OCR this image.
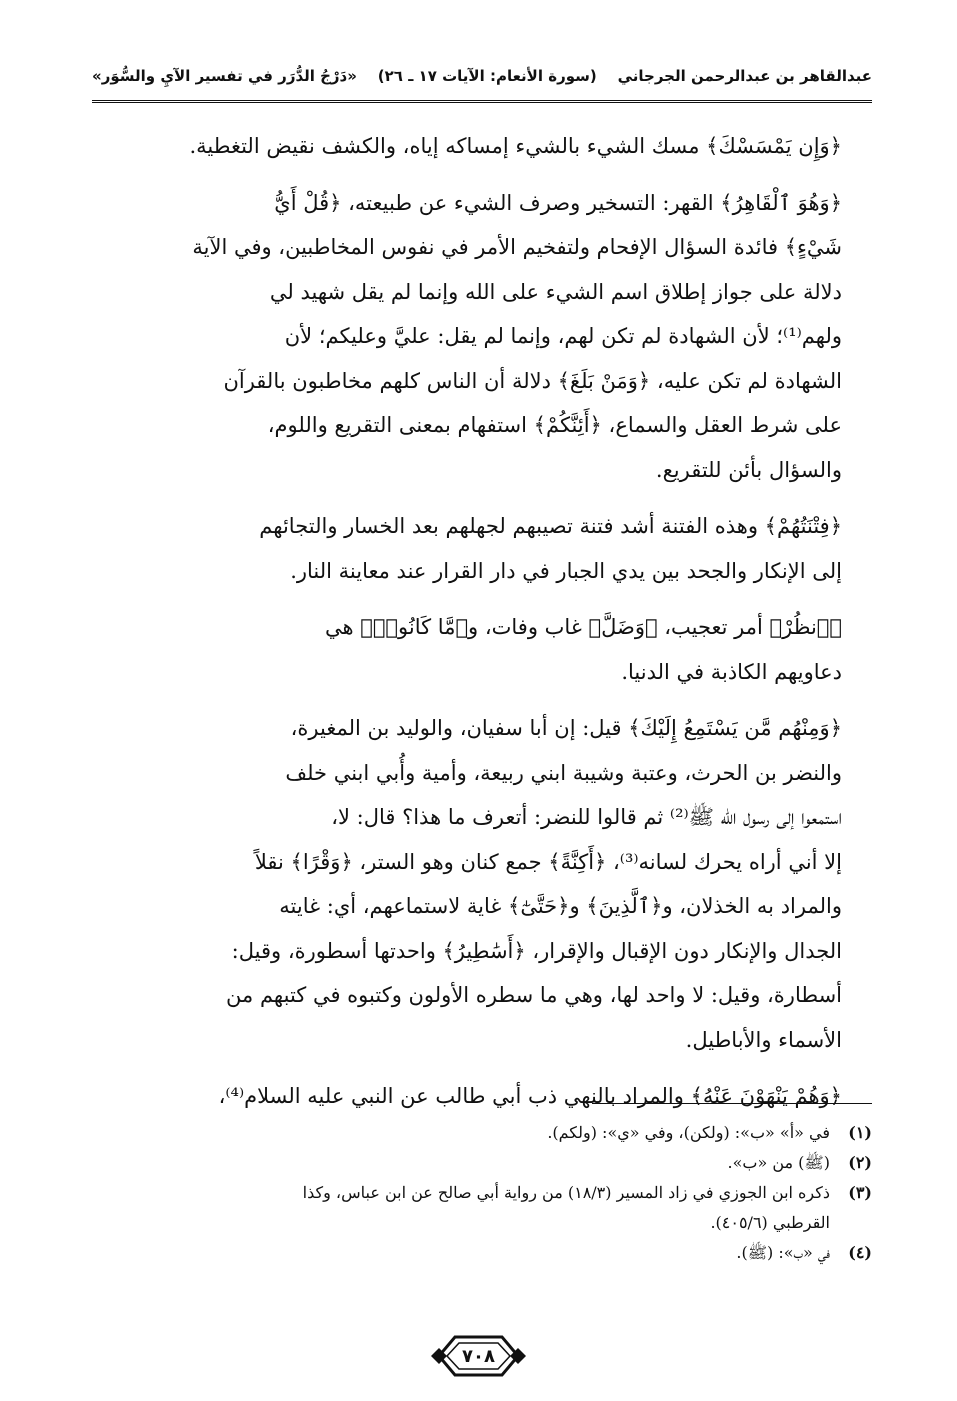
عبدالقاهر بن عبدالرحمن الجرجاني
(سورة الأنعام: الآيات ١٧ ـ ٢٦)
«دَرْجُ الدُّرَر في تفسير الآيِ والسُّوَر»
﴿وَإِن يَمْسَسْكَ﴾ مسك الشيء بالشيء إمساكه إياه، والكشف نقيض التغطية.
﴿وَهُوَ ٱلْقَاهِرُ﴾ القهر: التسخير وصرف الشيء عن طبيعته، ﴿قُلْ أَيُّ
شَيْءٍ﴾ فائدة السؤال الإفحام ولتفخيم الأمر في نفوس المخاطبين، وفي الآية
دلالة على جواز إطلاق اسم الشيء على الله وإنما لم يقل شهيد لي
ولهم⁽¹⁾؛ لأن الشهادة لم تكن لهم، وإنما لم يقل: عليَّ وعليكم؛ لأن
الشهادة لم تكن عليه، ﴿وَمَنْ بَلَغَ﴾ دلالة أن الناس كلهم مخاطبون بالقرآن
على شرط العقل والسماع، ﴿أَئِنَّكُمْ﴾ استفهام بمعنى التقريع واللوم،
والسؤال بأئن للتقريع.
﴿فِتْنَتُهُمْ﴾ وهذه الفتنة أشد فتنة تصيبهم لجهلهم بعد الخسار والتجائهم
إلى الإنكار والجحد بين يدي الجبار في دار القرار عند معاينة النار.
﴿ٱنظُرْ﴾ أمر تعجيب، ﴿وَضَلَّ﴾ غاب وفات، و﴿مَّا كَانُوا۟﴾ هي
دعاويهم الكاذبة في الدنيا.
﴿وَمِنْهُم مَّن يَسْتَمِعُ إِلَيْكَ﴾ قيل: إن أبا سفيان، والوليد بن المغيرة،
والنضر بن الحرث، وعتبة وشيبة ابني ربيعة، وأمية وأُبي ابني خلف
استمعوا إلى رسول الله ﷺ⁽²⁾ ثم قالوا للنضر: أتعرف ما هذا؟ قال: لا،
إلا أني أراه يحرك لسانه⁽³⁾، ﴿أَكِنَّةً﴾ جمع كنان وهو الستر، ﴿وَقْرًا﴾ نقلاً
والمراد به الخذلان، و﴿ٱلَّذِينَ﴾ و﴿حَتَّىٰٓ﴾ غاية لاستماعهم، أي: غايته
الجدال والإنكار دون الإقبال والإقرار، ﴿أَسَٰطِيرُ﴾ واحدتها أسطورة، وقيل:
أسطارة، وقيل: لا واحد لها، وهي ما سطره الأولون وكتبوه في كتبهم من
الأسماء والأباطيل.
﴿وَهُمْ يَنْهَوْنَ عَنْهُ﴾ والمراد بالنهي ذب أبي طالب عن النبي عليه السلام⁽⁴⁾،
(١)
في «أ» «ب»: (ولكن)، وفي «ي»: (ولكم).
(٢)
(ﷺ) من «ب».
(٣)
ذكره ابن الجوزي في زاد المسير (١٨/٣) من رواية أبي صالح عن ابن عباس، وكذا
القرطبي (٤٠٥/٦).
(٤)
في «ب»: (ﷺ).
٧٠٨
